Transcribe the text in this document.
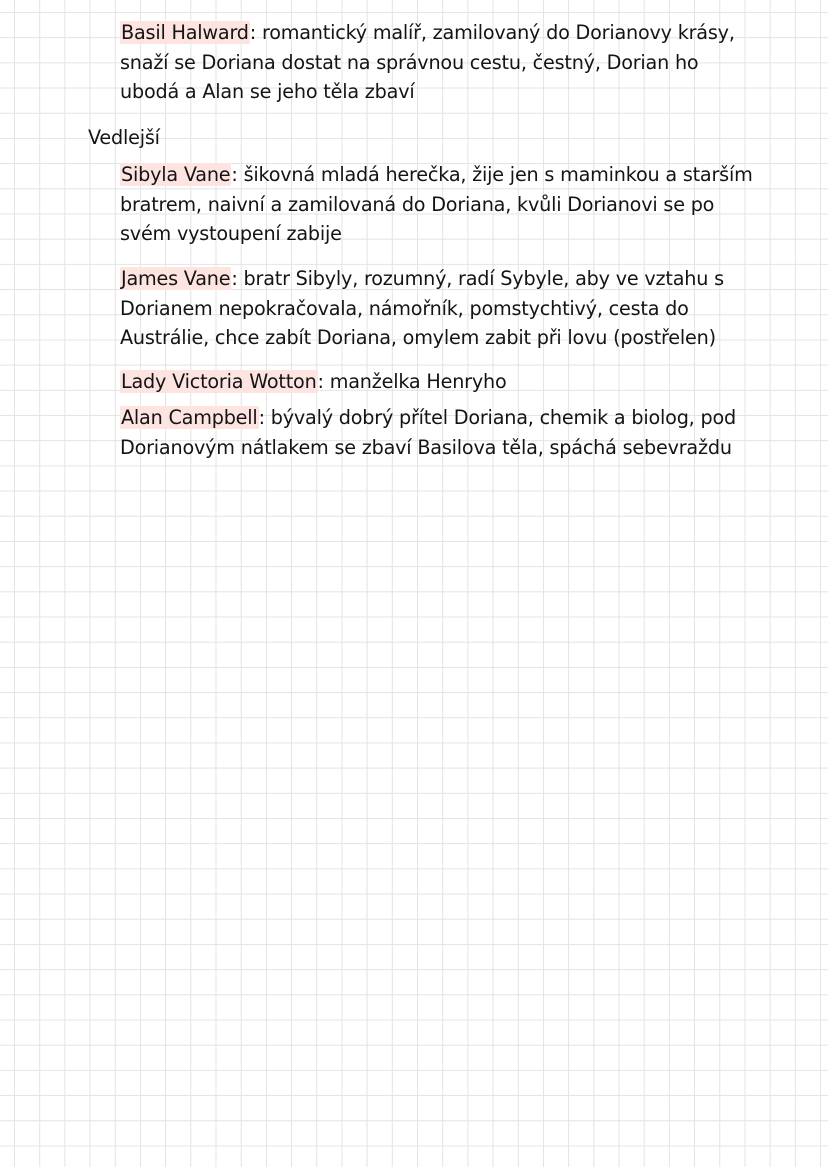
Basil Halward: romantický malíř, zamilovaný do Dorianovy krásy,
snaží se Doriana dostat na správnou cestu, čestný, Dorian ho
ubodá a Alan se jeho těla zbaví
Vedlejší
Sibyla Vane: šikovná mladá herečka, žije jen s maminkou a starším
bratrem, naivní a zamilovaná do Doriana, kvůli Dorianovi se po
svém vystoupení zabije
James Vane: bratr Sibyly, rozumný, radí Sybyle, aby ve vztahu s
Dorianem nepokračovala, námořník, pomstychtivý, cesta do
Austrálie, chce zabít Doriana, omylem zabit při lovu (postřelen)
Lady Victoria Wotton: manželka Henryho
Alan Campbell: bývalý dobrý přítel Doriana, chemik a biolog, pod
Dorianovým nátlakem se zbaví Basilova těla, spáchá sebevraždu
